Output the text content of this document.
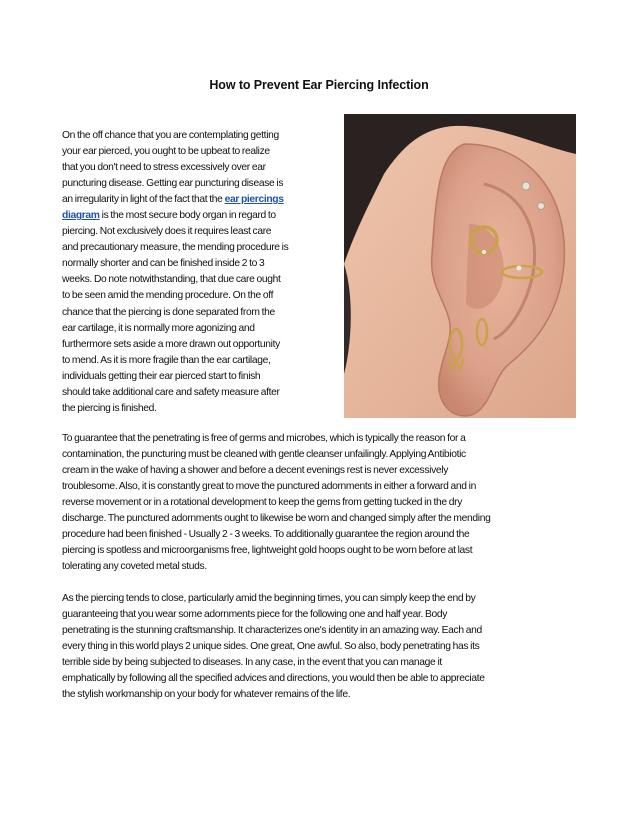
How to Prevent Ear Piercing Infection
On the off chance that you are contemplating getting
your ear pierced, you ought to be upbeat to realize
that you don't need to stress excessively over ear
puncturing disease. Getting ear puncturing disease is
an irregularity in light of the fact that the ear piercings
diagram is the most secure body organ in regard to
piercing. Not exclusively does it requires least care
and precautionary measure, the mending procedure is
normally shorter and can be finished inside 2 to 3
weeks. Do note notwithstanding, that due care ought
to be seen amid the mending procedure. On the off
chance that the piercing is done separated from the
ear cartilage, it is normally more agonizing and
furthermore sets aside a more drawn out opportunity
to mend. As it is more fragile than the ear cartilage,
individuals getting their ear pierced start to finish
should take additional care and safety measure after
the piercing is finished.
To guarantee that the penetrating is free of germs and microbes, which is typically the reason for a
contamination, the puncturing must be cleaned with gentle cleanser unfailingly. Applying Antibiotic
cream in the wake of having a shower and before a decent evenings rest is never excessively
troublesome. Also, it is constantly great to move the punctured adornments in either a forward and in
reverse movement or in a rotational development to keep the gems from getting tucked in the dry
discharge. The punctured adornments ought to likewise be worn and changed simply after the mending
procedure had been finished - Usually 2 - 3 weeks. To additionally guarantee the region around the
piercing is spotless and microorganisms free, lightweight gold hoops ought to be worn before at last
tolerating any coveted metal studs.
As the piercing tends to close, particularly amid the beginning times, you can simply keep the end by
guaranteeing that you wear some adornments piece for the following one and half year. Body
penetrating is the stunning craftsmanship. It characterizes one's identity in an amazing way. Each and
every thing in this world plays 2 unique sides. One great, One awful. So also, body penetrating has its
terrible side by being subjected to diseases. In any case, in the event that you can manage it
emphatically by following all the specified advices and directions, you would then be able to appreciate
the stylish workmanship on your body for whatever remains of the life.
